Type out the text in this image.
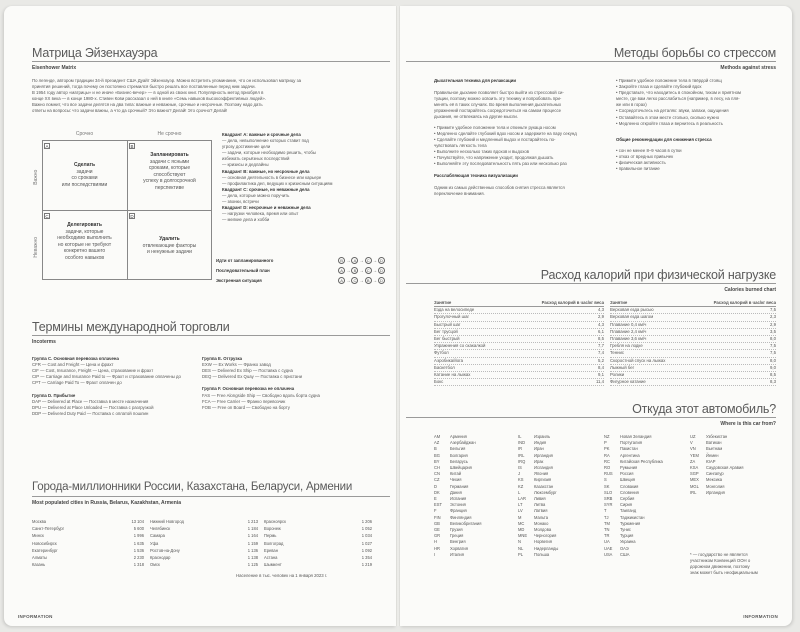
Матрица Эйзенхауэра
Eisenhower Matrix
По легенде, автором традиции 34-й президент США Дуайт Эйзенхауэр. Можно встретить упоминание, что он использовал матрицу за
принятия решений, тогда почему он постоянно стремился быстро решать все поставленные перед ним задачи.
В 1954 году автор «матрицы» и не иначе «Бизнес-вечер» — в одной из своих книг. Популярность метод приобрёл в
конце ХХ века — в конце 1980-х. Стивен Кови рассказал о ней в книге «Семь навыков высокоэффективных людей».
Важно помнит, что все задачи делятся на два типа: важные и неважные, срочные и несрочные. Поэтому надо дать
ответы на вопросы: что задачи важны, а что да срочный? Это важно? Делай! Это срочно? Делай!
Срочно	Не срочно
Важно
Неважно
A
Сделать
задачи
со сроками
или последствиями
B
Запланировать
задачи с ясными
сроками, которые
способствуют
успеху в долгосрочной
перспективе
C
Делегировать
задачи, которые
необходимо выполнить
но которые не требуют
конкретно вашего
особого навыков
D
Удалить
отвлекающие факторы
и ненужные задачи
Квадрант А: важные и срочные дела
— дела, невыполнение которых ставит под
угрозу достижение цели
— задачи, которые необходимо решить, чтобы
избежать серьёзных последствий
— кризисы и дедлайны
Квадрант B: важные, но несрочные дела
— основная деятельность в бизнесе или карьере
— профилактика дел, ведущих к кризисным ситуациям
Квадрант C: срочные, но неважные дела
— дела, которые можно поручить
— звонки, встречи
Квадрант D: несрочные и неважные дела
— нагрузки человека, время или опыт
— мелкие дела и хобби
Идти от запланированного	B → A → C → D
Последовательный план	A → B → C → D
Экстренная ситуация	A → C → B → D
Термины международной торговли
Incoterms
Группа C. Основная перевозка оплачена
CFR — Cost and Freight — Цена и фрахт
CIF — Cost, Insurance, Freight — Цена, страхование и фрахт
CIP — Carriage and Insurance Paid to — Фрахт и страхование оплачены до
CPT — Carriage Paid To — Фрахт оплачен до

Группа D. Прибытие
DAP — Delivered at Place — Поставка в месте назначения
DPU — Delivered at Place Unloaded — Поставка с разгрузкой
DDP — Delivered Duty Paid — Поставка с оплатой пошлин

Группа E. Отгрузка
EXW — Ex Works — Франко завод
DES — Delivered Ex Ship — Поставка с судна
DEQ — Delivered Ex Quay — Поставка с пристани

Группа F. Основная перевозка не оплачена
FAS — Free Alongside Ship — Свободно вдоль борта судна
FCA — Free Carrier — Франко перевозчик
FOB — Free on Board — Свободно на борту

Города-миллионники России, Казахстана, Беларуси, Армении
Most populated cities in Russia, Belarus, Kazakhstan, Armenia
Москва	13 104
Санкт-Петербург	5 600
Минск	1 996
Новосибирск	1 635
Екатеринбург	1 536
Алматы	2 230
Казань	1 318
Нижний Новгород	1 213
Челябинск	1 184
Самара	1 164
Уфа	1 159
Ростов-на-Дону	1 136
Краснодар	1 138
Омск	1 125
Красноярск	1 206
Воронеж	1 052
Пермь	1 034
Волгоград	1 027
Ереван	1 092
Астана	1 354
Шымкент	1 219
Население в тыс. человек на 1 января 2023 г.
INFORMATION
Методы борьбы со стрессом
Methods against stress
Дыхательная техника для релаксации
Правильное дыхание позволяет быстро выйти из стрессовой си-
туации, поэтому можно освоить эту технику и попробовать при-
менять её в таких случаях. Во время выполнения дыхательных
упражнений постарайтесь сосредоточиться на самом процессе
дыхания, не отвлекаясь на другие мысли.
• Примите удобное положение тела и откиньте рукаца носом
• Медленно сделайте глубокий вдох носом и задержите на пару секунд
• Сделайте глубокий и медленный выдох и постарайтесь по-
чувствовать лёгкость тела
• Выполните несколько таких вдохов и выдохов
• Почувствуйте, что напряжение уходит, продолжая дышать
• Выполняйте эту последовательность пять раз или несколько раз
Расслабляющая техника визуализации
Одним из самых действенных способов снятия стресса является
переключение внимания.
• Примите удобное положение тела в твёрдой стоящ
• Закройте глаза и сделайте глубокий вдох
• Представьте, что находитесь в спокойном, тихом и приятном
месте, где вам легко расслабиться (например, в лесу, на пля-
же или в горах)
• Сосредоточьтесь на деталях: звуки, запахи, ощущения
• Оставайтесь в этом месте столько, сколько нужно
• Медленно откройте глаза и вернитесь в реальность
Общие рекомендации для снижения стресса
• сон не менее 8–9 часов в сутки
• отказ от вредных привычек
• физическая активность
• правильное питание
Расход калорий при физической нагрузке
Calories burned chart
Занятие	Расход калорий в час/кг веса
Езда на велосипеде	4,3
Прогулочный шаг	2,9
Быстрый шаг	4,3
Бег трусцой	6,1
Бег быстрый	8,5
Упражнения со скакалкой	7,7
Футбол	7,4
Аэробика/йога	5,2
Баскетбол	8,4
Катание на лыжах	9,1
Бокс	11,4
Занятие	Расход калорий в час/кг веса
Верховая езда рысью	7,5
Верховая езда шагом	2,3
Плавание 0,4 км/ч	2,9
Плавание 2,4 км/ч	3,5
Плавание 3,6 км/ч	8,0
Гребля на лодке	7,5
Теннис	7,5
Скоростной спуск на лыжах	8,0
Лыжный бег	9,0
Ролики	8,5
Фигурное катание	8,3
Откуда этот автомобиль?
Where is this car from?
AM	Армения
AZ	Азербайджан
B	Бельгия
BG	Болгария
BY	Беларусь
CH	Швейцария
CN	Китай
CZ	Чехия
D	Германия
DK	Дания
E	Испания
EST	Эстония
F	Франция
FIN	Финляндия
GB	Великобритания
GE	Грузия
GR	Греция
H	Венгрия
HR	Хорватия
I	Италия
IL	Израиль
IND	Индия
IR	Иран
IRL	Ирландия
IRQ	Ирак
IS	Исландия
J	Япония
KS	Киргизия
KZ	Казахстан
L	Люксембург
LAR	Ливия
LT	Литва
LV	Латвия
M	Мальта
MC	Монако
MD	Молдова
MNE	Черногория
N	Норвегия
NL	Нидерланды
PL	Польша
NZ	Новая Зеландия
P	Португалия
PK	Пакистан
RA	Аргентина
RC	Китайская Республика
RO	Румыния
RUS	Россия
S	Швеция
SK	Словакия
SLO	Словения
SRB	Сербия
SYR	Сирия
T	Таиланд
TJ	Таджикистан
TM	Туркмения
TN	Тунис
TR	Турция
UA	Украина
UAE	ОАЭ
USA	США
UZ	Узбекистан
V	Ватикан
VN	Вьетнам
YEM	Йемен
ZA	ЮАР
KSA	Саудовская Аравия
SGP	Сингапур
MEX	Мексика
MGL	Монголия
IRL	Ирландия
* — государство не является
участником Конвенций ООН о
дорожном движении, поэтому
знак может быть неофициальным
INFORMATION
